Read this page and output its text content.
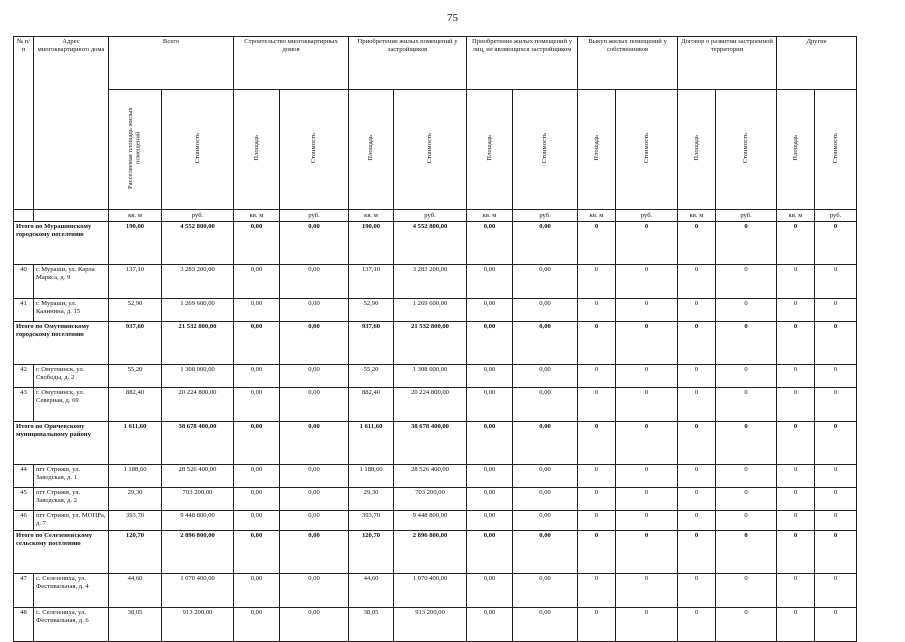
75
№ п/п	Адрес многоквартирного дома	Всего		Строительство многоквартирных домов		Приобретение жилых помещений у застройщиков		Приобретение жилых помещений у лиц, не являющихся застройщиком		Выкуп жилых помещений у собственников		Договор о развитии застроенной территории		Другие	
		Расселяемая площадь жилых помещений	Стоимость	Площадь	Стоимость	Площадь	Стоимость	Площадь	Стоимость	Площадь	Стоимость	Площадь	Стоимость	Площадь	Стоимость
		кв. м	руб.	кв. м	руб.	кв. м	руб.	кв. м	руб.	кв. м	руб.	кв. м	руб.	кв. м	руб.
Итого по Мурашинскому городскому поселению		190,00	4 552 800,00	0,00	0,00	190,00	4 552 800,00	0,00	0,00	0	0	0	0	0	0
40	г. Мураши, ул. Карла Маркса, д. 9	137,10	3 283 200,00	0,00	0,00	137,10	3 283 200,00	0,00	0,00	0	0	0	0	0	0
41	г. Мураши, ул. Калинина, д. 15	52,90	1 269 600,00	0,00	0,00	52,90	1 269 600,00	0,00	0,00	0	0	0	0	0	0
Итого по Омутнинскому городскому поселению		937,60	21 532 800,00	0,00	0,00	937,60	21 532 800,00	0,00	0,00	0	0	0	0	0	0
42	г. Омутнинск, ул. Свободы, д. 2	55,20	1 308 000,00	0,00	0,00	55,20	1 308 000,00	0,00	0,00	0	0	0	0	0	0
43	г. Омутнинск, ул. Северная, д. 69	882,40	20 224 800,00	0,00	0,00	882,40	20 224 800,00	0,00	0,00	0	0	0	0	0	0
Итого по Оричевскому муниципальному району		1 611,60	38 678 400,00	0,00	0,00	1 611,60	38 678 400,00	0,00	0,00	0	0	0	0	0	0
44	пгт Стрижи, ул. Заводская, д. 1	1 188,60	28 526 400,00	0,00	0,00	1 188,60	28 526 400,00	0,00	0,00	0	0	0	0	0	0
45	пгт Стрижи, ул. Заводская, д. 2	29,30	703 200,00	0,00	0,00	29,30	703 200,00	0,00	0,00	0	0	0	0	0	0
46	пгт Стрижи, ул. МОПРа, д. 7	393,70	9 448 800,00	0,00	0,00	393,70	9 448 800,00	0,00	0,00	0	0	0	0	0	0
Итого по Селезеневскому сельскому поселению		120,70	2 896 800,00	0,00	0,00	120,70	2 896 800,00	0,00	0,00	0	0	0	0	0	0
47	с. Селезениха, ул. Фестивальная, д. 4	44,60	1 070 400,00	0,00	0,00	44,60	1 070 400,00	0,00	0,00	0	0	0	0	0	0
48	с. Селезениха, ул. Фестивальная, д. 6	38,05	913 200,00	0,00	0,00	38,05	913 200,00	0,00	0,00	0	0	0	0	0	0
